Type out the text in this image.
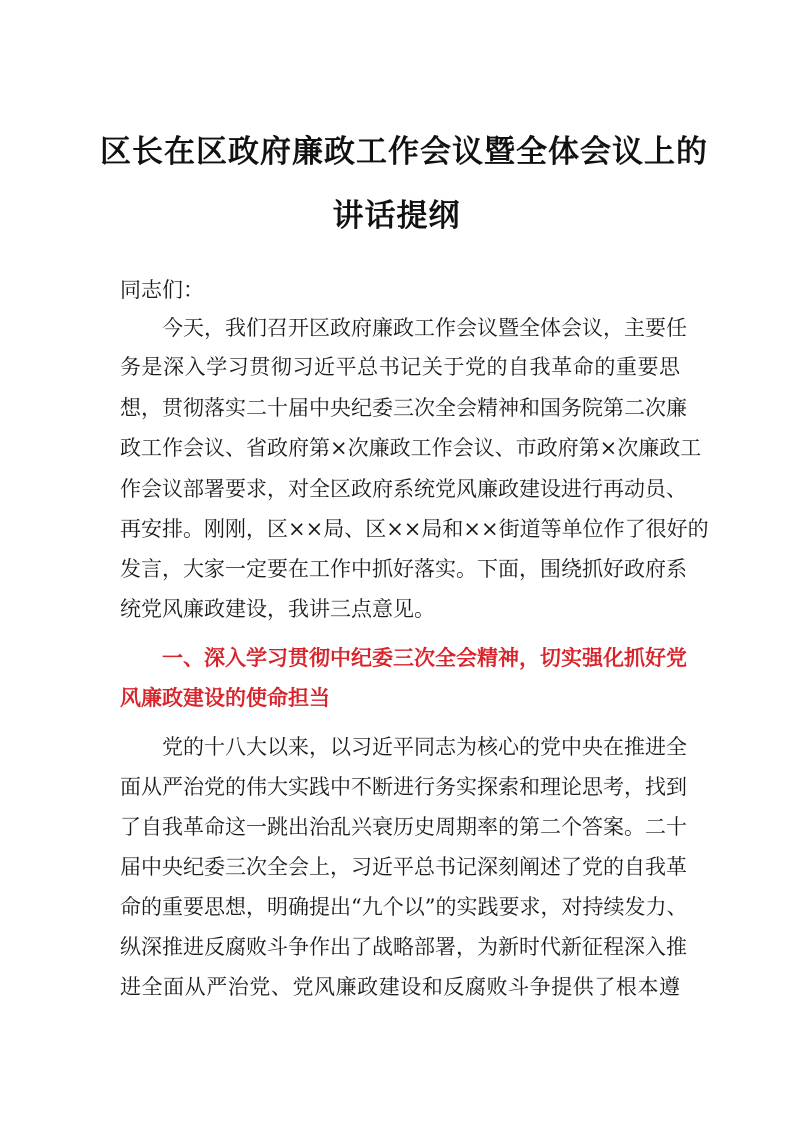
区长在区政府廉政工作会议暨全体会议上的
讲话提纲
同志们：
今天，我们召开区政府廉政工作会议暨全体会议，主要任
务是深入学习贯彻习近平总书记关于党的自我革命的重要思
想，贯彻落实二十届中央纪委三次全会精神和国务院第二次廉
政工作会议、省政府第×次廉政工作会议、市政府第×次廉政工
作会议部署要求，对全区政府系统党风廉政建设进行再动员、
再安排。刚刚，区××局、区××局和××街道等单位作了很好的
发言，大家一定要在工作中抓好落实。下面，围绕抓好政府系
统党风廉政建设，我讲三点意见。
一、深入学习贯彻中纪委三次全会精神，切实强化抓好党
风廉政建设的使命担当
党的十八大以来，以习近平同志为核心的党中央在推进全
面从严治党的伟大实践中不断进行务实探索和理论思考，找到
了自我革命这一跳出治乱兴衰历史周期率的第二个答案。二十
届中央纪委三次全会上，习近平总书记深刻阐述了党的自我革
命的重要思想，明确提出“九个以”的实践要求，对持续发力、
纵深推进反腐败斗争作出了战略部署，为新时代新征程深入推
进全面从严治党、党风廉政建设和反腐败斗争提供了根本遵
